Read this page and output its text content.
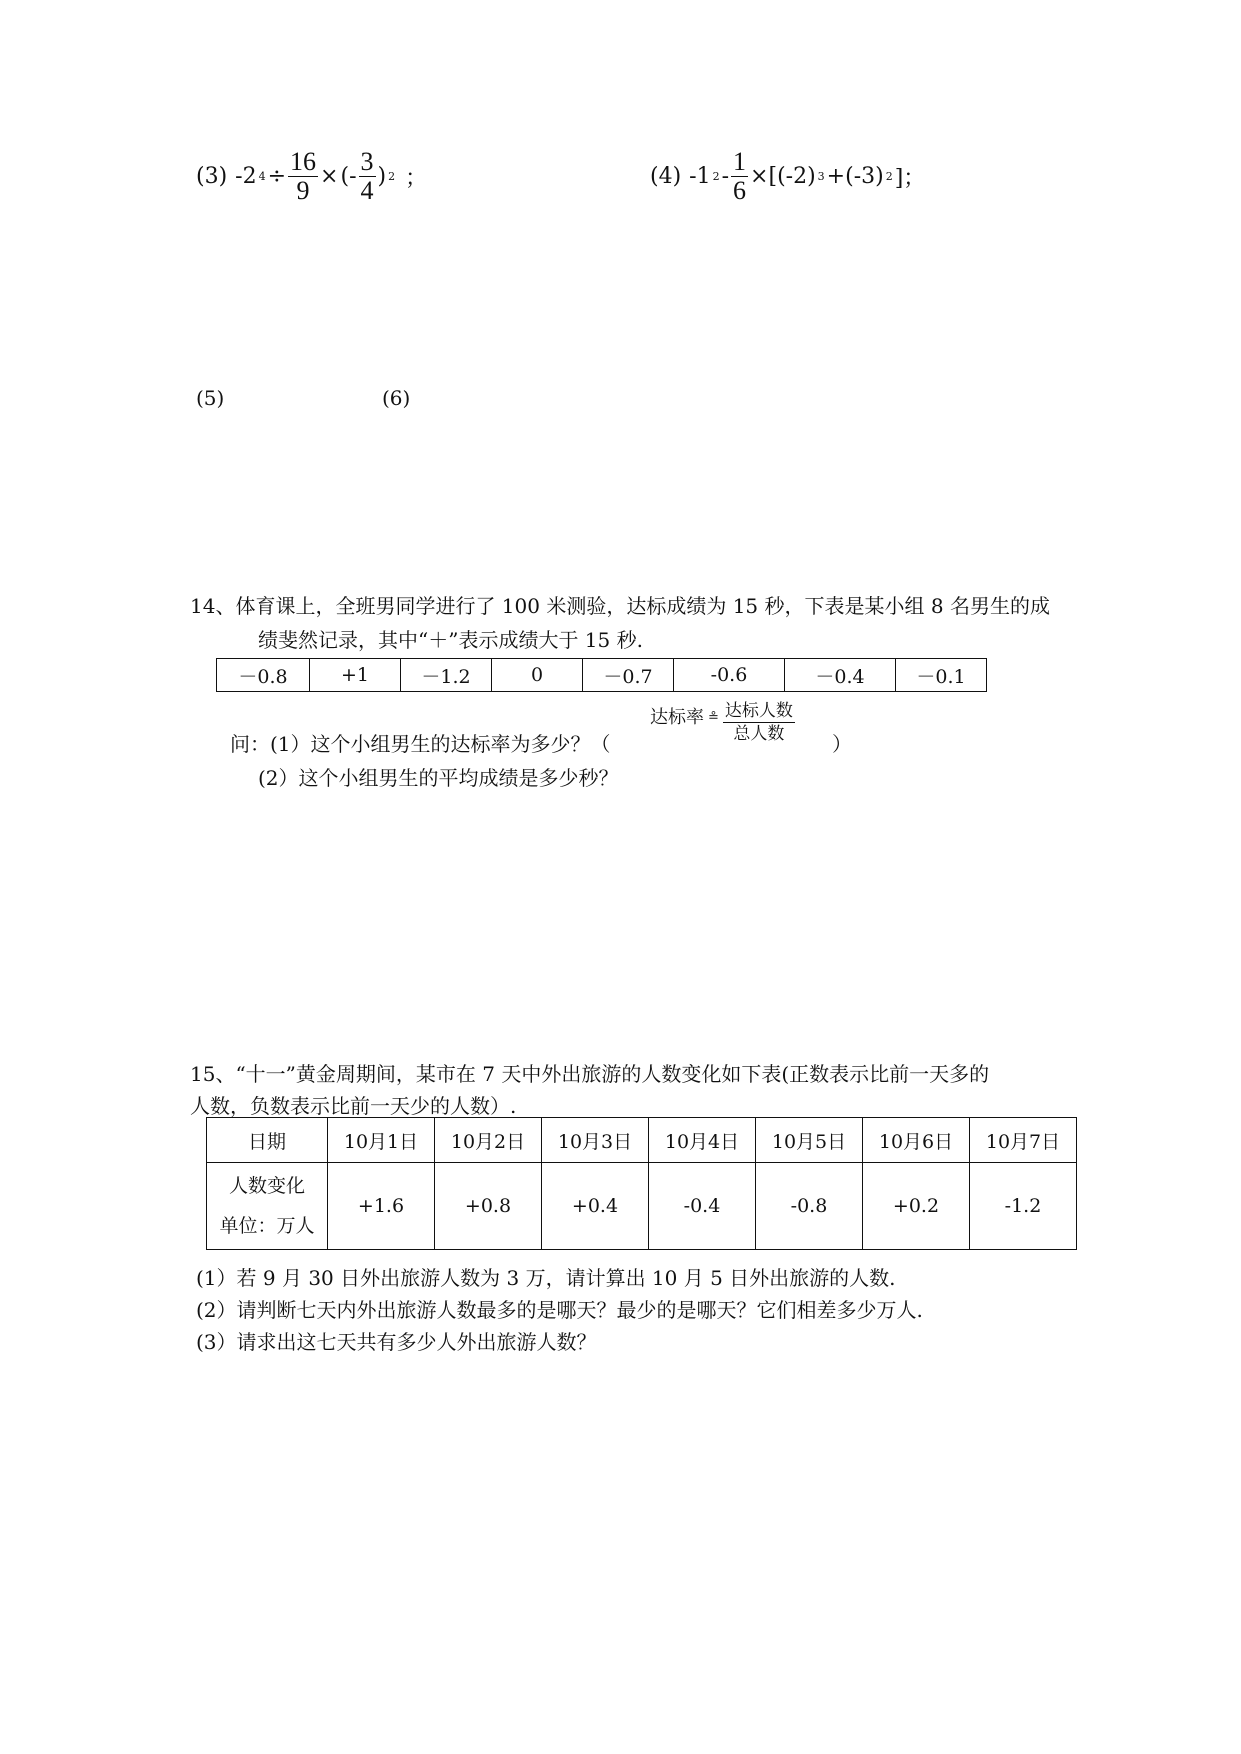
(3) -2 $4 \div \frac{16}{9}$ × (- $\frac{3}{4}$ ) 2 ；	(4) -1 $2 - \frac{1}{6} \times[(-2)$ 3 +(-3) 2 ]；
(5)	(6)
14、体育课上，全班男同学进行了 100 米测验，达标成绩为 15 秒，下表是某小组 8 名男生的成
绩斐然记录，其中“＋”表示成绩大于 15 秒.
－0.8	+1	－1.2	0	－0.7	-0.6	－0.4	－0.1
问：(1）这个小组男生的达标率为多少？（
达标率 ≗ $\frac{\text{达标人数}}{\text{总人数}}$ ）
(2）这个小组男生的平均成绩是多少秒？
15、“十一”黄金周期间，某市在 7 天中外出旅游的人数变化如下表(正数表示比前一天多的
人数，负数表示比前一天少的人数）.
日期	10月1日	10月2日	10月3日	10月4日	10月5日	10月6日	10月7日

人数变化
单位：万人	+1.6	+0.8	+0.4	-0.4	-0.8	+0.2	-1.2
(1）若 9 月 30 日外出旅游人数为 3 万，请计算出 10 月 5 日外出旅游的人数.
(2）请判断七天内外出旅游人数最多的是哪天？最少的是哪天？它们相差多少万人.
(3）请求出这七天共有多少人外出旅游人数？
